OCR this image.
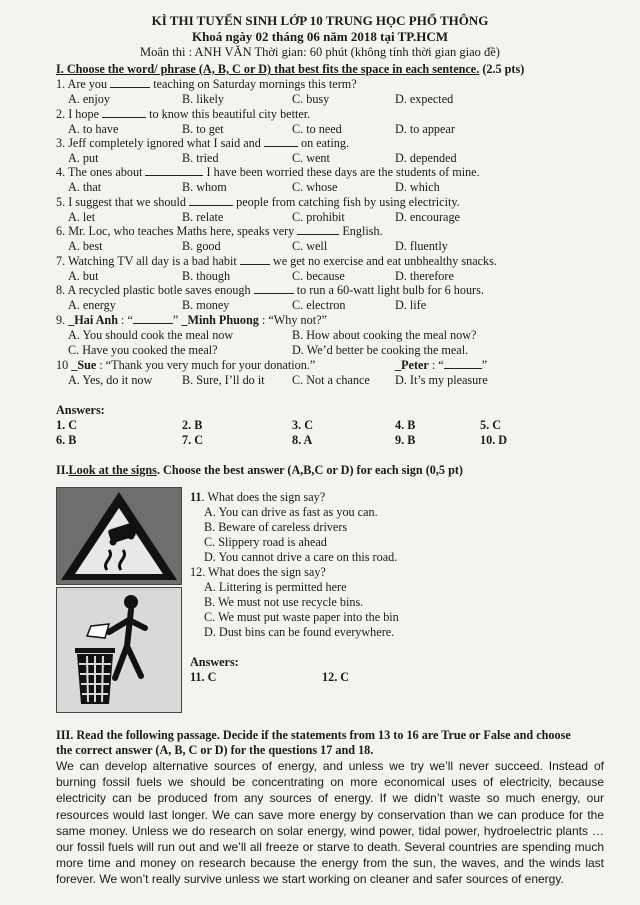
KÌ THI TUYỂN SINH LỚP 10 TRUNG HỌC PHỔ THÔNG
Khoá ngày 02 tháng 06 năm 2018 tại TP.HCM
Moân thi : ANH VĂN Thời gian: 60 phút (không tính thời gian giao đề)
I. Choose the word/ phrase (A, B, C or D) that best fits the space in each sentence. (2.5 pts)
1. Are you	teaching on Saturday mornings this term?
A. enjoy	B. likely	C. busy	D. expected
2. I hope	to know this beautiful city better.
A. to have	B. to get	C. to need	D. to appear
3. Jeff completely ignored what I said and	on eating.
A. put	B. tried	C. went	D. depended
4. The ones about	I have been worried these days are the students of mine.
A. that	B. whom	C. whose	D. which
5. I suggest that we should	people from catching fish by using electricity.
A. let	B. relate	C. prohibit	D. encourage
6. Mr. Loc, who teaches Maths here, speaks very	English.
A. best	B. good	C. well	D. fluently
7. Watching TV all day is a bad habit  we get no exercise and eat unbhealthy snacks.
A. but	B. though	C. because	D. therefore
8. A recycled plastic botle saves enough	to run a 60-watt light bulb for 6 hours.
A. energy	B. money	C. electron	D. life
9. _Hai Anh : “	” _Minh Phuong : “Why not?”
A. You should cook the meal now	B. How about cooking the meal now?
C. Have you cooked the meal?	D. We’d better be cooking the meal.
10 _Sue : “Thank you very much for your donation.”	_Peter : “	”
A. Yes, do it now B. Sure, I’ll do it C. Not a chance D. It’s my pleasure
Answers:
1. C	2. B	3. C	4. B	5. C
6. B	7. C	8. A	9. B	10. D
II.Look at the signs. Choose the best answer (A,B,C or D) for each sign (0,5 pt)
11. What does the sign say?
A. You can drive as fast as you can.
B. Beware of careless drivers
C. Slippery road is ahead
D. You cannot drive a care on this road.
12. What does the sign say?
A. Littering is permitted here
B. We must not use recycle bins.
C. We must put waste paper into the bin
D. Dust bins can be found everywhere.
Answers:
11. C	12. C
III. Read the following passage. Decide if the statements from 13 to 16 are True or False and choose
the correct answer (A, B, C or D) for the questions 17 and 18.
We can develop alternative sources of energy, and unless we try we’ll never succeed. Instead of burning fossil fuels we should be concentrating on more economical uses of electricity, because electricity can be produced from any sources of energy. If we didn’t waste so much energy, our resources would last longer. We can save more energy by conservation than we can produce for the same money. Unless we do research on solar energy, wind power, tidal power, hydroelectric plants … our fossil fuels will run out and we’ll all freeze or starve to death. Several countries are spending much more time and money on research because the energy from the sun, the waves, and the winds last forever. We won’t really survive unless we start working on cleaner and safer sources of energy.
